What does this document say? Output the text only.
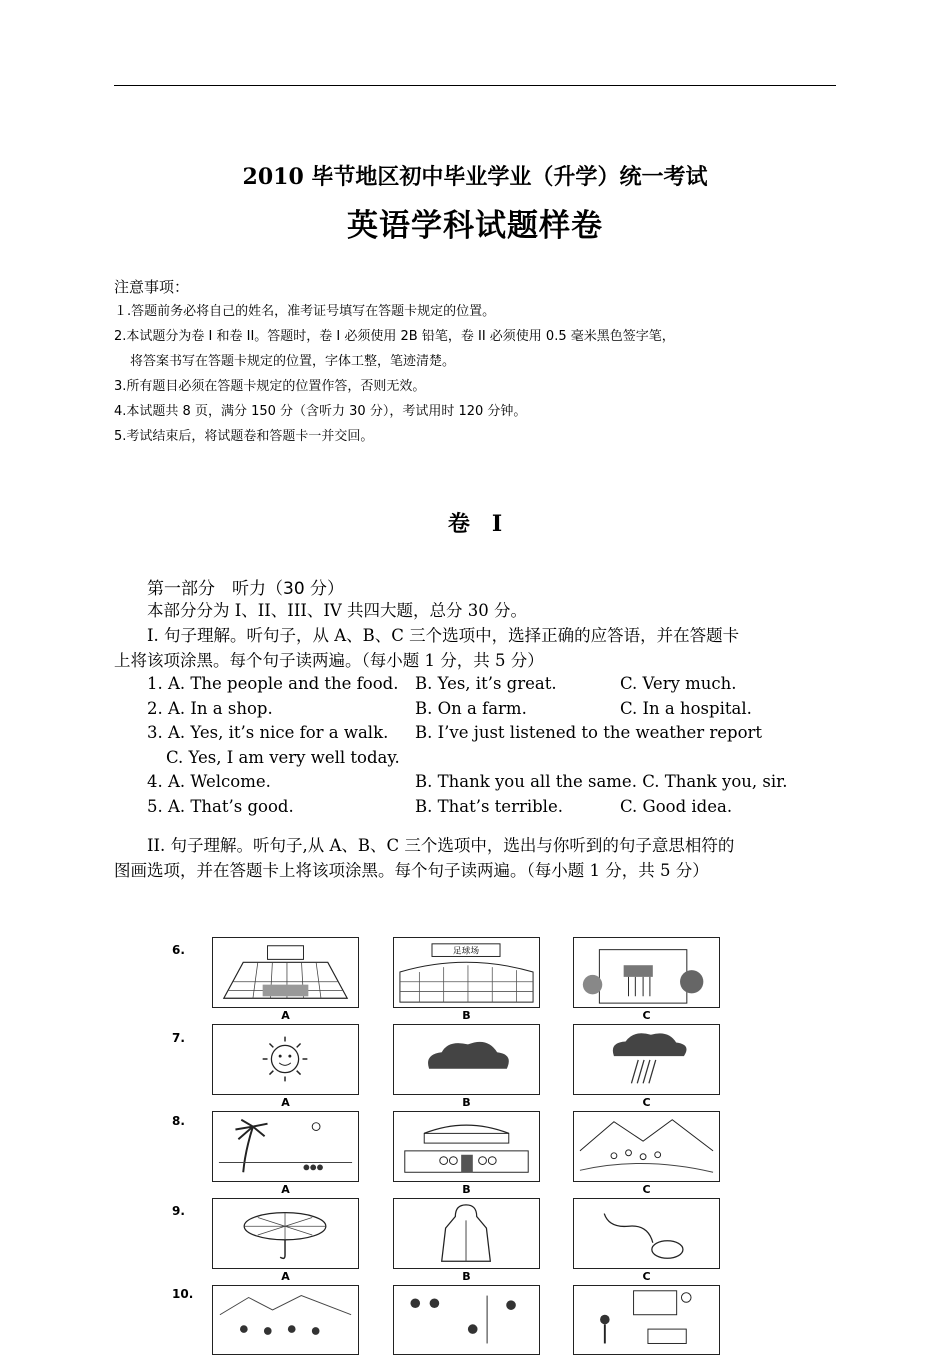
2010 毕节地区初中毕业学业（升学）统一考试
英语学科试题样卷
注意事项：
１.答题前务必将自己的姓名，准考证号填写在答题卡规定的位置。
2.本试题分为卷 I 和卷 II。答题时，卷 I 必须使用 2B 铅笔，卷 II 必须使用 0.5 毫米黑色签字笔，
将答案书写在答题卡规定的位置，字体工整，笔迹清楚。
3.所有题目必须在答题卡规定的位置作答，否则无效。
4.本试题共 8 页，满分 150 分（含听力 30 分），考试用时 120 分钟。
5.考试结束后，将试题卷和答题卡一并交回。
卷　I
第一部分　听力（30 分）
本部分分为 I、II、III、IV 共四大题，总分 30 分。
I. 句子理解。听句子，从 A、B、C 三个选项中，选择正确的应答语，并在答题卡
上将该项涂黑。每个句子读两遍。（每小题 1 分，共 5 分）
1. A. The people and the food. B. Yes, it’s great.	C. Very much.
2. A. In a shop.	B. On a farm.	C. In a hospital.
3. A. Yes, it’s nice for a walk. B. I’ve just listened to the weather report
C. Yes, I am very well today.
4. A. Welcome.	B. Thank you all the same. C. Thank you, sir.
5. A. That’s good.	B. That’s terrible.	C. Good idea.
II. 句子理解。听句子,从 A、B、C 三个选项中，选出与你听到的句子意思相符的
图画选项，并在答题卡上将该项涂黑。每个句子读两遍。（每小题 1 分，共 5 分）
6.	足球场
A	B	C
7.
A	B	C
8.
A	B	C
9.
A	B	C
10.
